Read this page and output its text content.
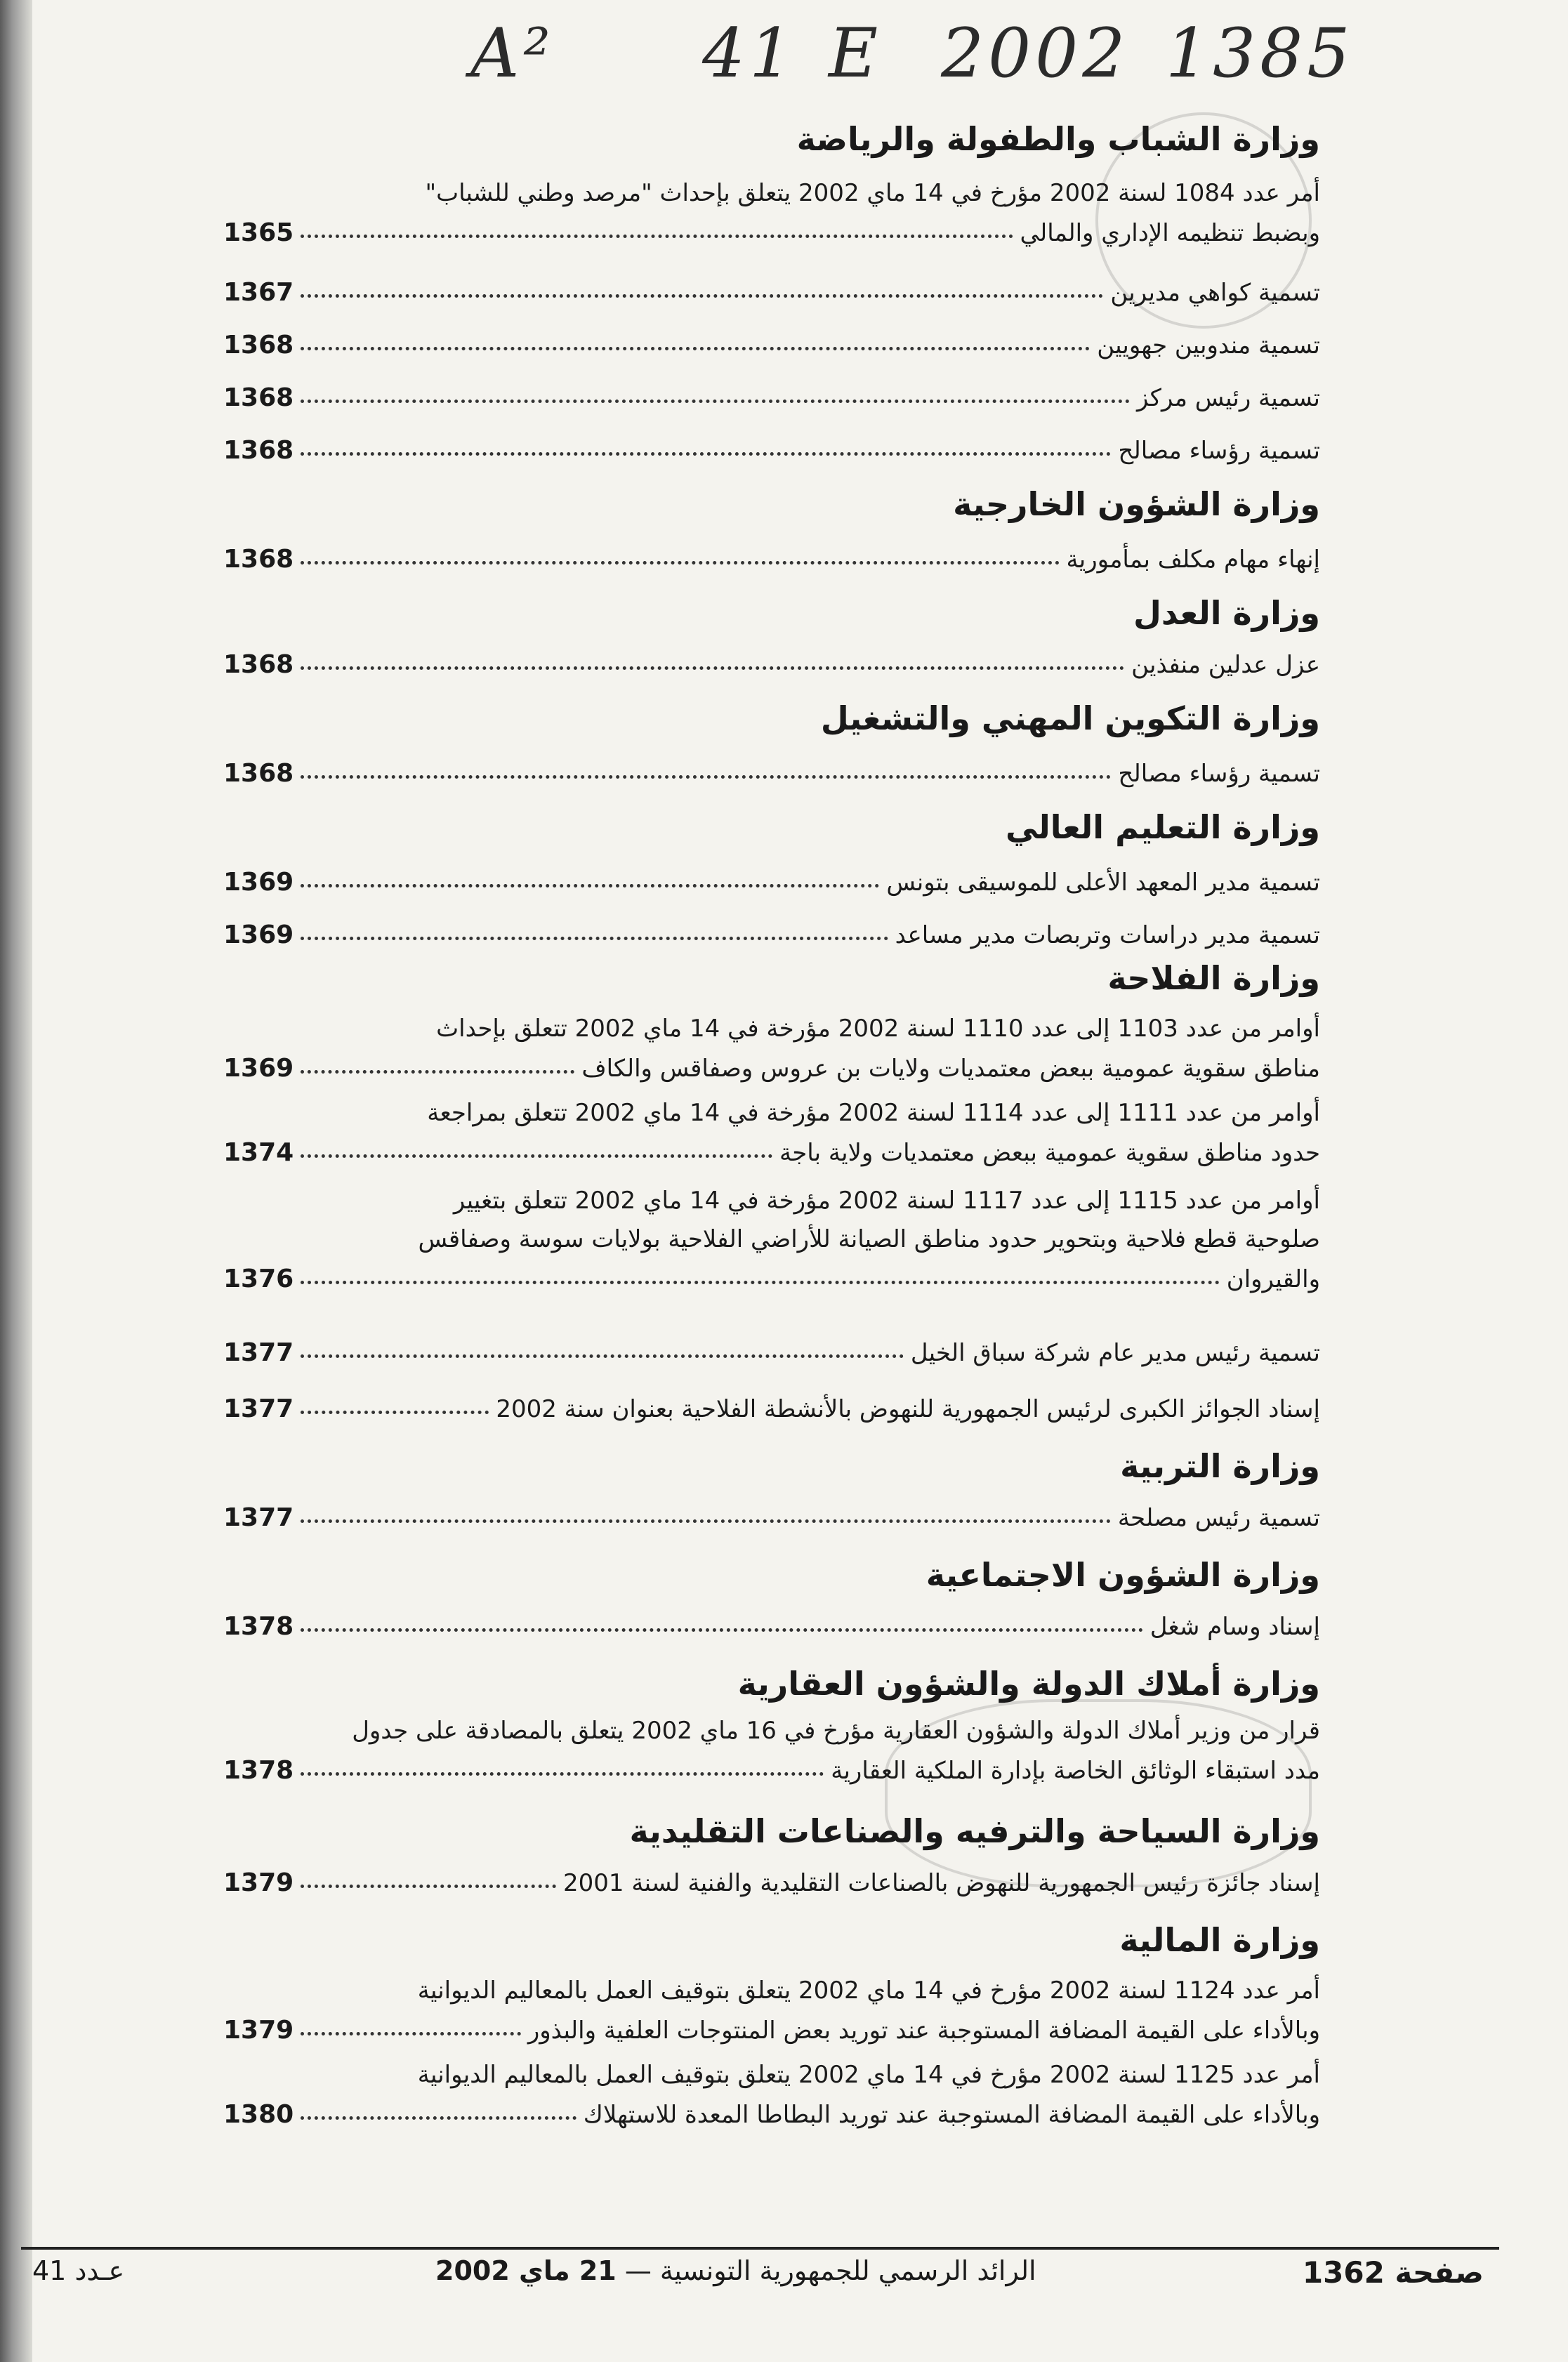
A² 41 E 2002 1385
وزارة الشباب والطفولة والرياضة
أمر عدد 1084 لسنة 2002 مؤرخ في 14 ماي 2002 يتعلق بإحداث "مرصد وطني للشباب"
وبضبط تنظيمه الإداري والمالي
1365
تسمية كواهي مديرين
1367
تسمية مندوبين جهويين
1368
تسمية رئيس مركز
1368
تسمية رؤساء مصالح
1368
وزارة الشؤون الخارجية
إنهاء مهام مكلف بمأمورية
1368
وزارة العدل
عزل عدلين منفذين
1368
وزارة التكوين المهني والتشغيل
تسمية رؤساء مصالح
1368
وزارة التعليم العالي
تسمية مدير المعهد الأعلى للموسيقى بتونس
1369
تسمية مدير دراسات وتربصات مدير مساعد
1369
وزارة الفلاحة
أوامر من عدد 1103 إلى عدد 1110 لسنة 2002 مؤرخة في 14 ماي 2002 تتعلق بإحداث
مناطق سقوية عمومية ببعض معتمديات ولايات بن عروس وصفاقس والكاف
1369
أوامر من عدد 1111 إلى عدد 1114 لسنة 2002 مؤرخة في 14 ماي 2002 تتعلق بمراجعة
حدود مناطق سقوية عمومية ببعض معتمديات ولاية باجة
1374
أوامر من عدد 1115 إلى عدد 1117 لسنة 2002 مؤرخة في 14 ماي 2002 تتعلق بتغيير
صلوحية قطع فلاحية وبتحوير حدود مناطق الصيانة للأراضي الفلاحية بولايات سوسة وصفاقس
والقيروان
1376
تسمية رئيس مدير عام شركة سباق الخيل
1377
إسناد الجوائز الكبرى لرئيس الجمهورية للنهوض بالأنشطة الفلاحية بعنوان سنة 2002
1377
وزارة التربية
تسمية رئيس مصلحة
1377
وزارة الشؤون الاجتماعية
إسناد وسام شغل
1378
وزارة أملاك الدولة والشؤون العقارية
قرار من وزير أملاك الدولة والشؤون العقارية مؤرخ في 16 ماي 2002 يتعلق بالمصادقة على جدول
مدد استبقاء الوثائق الخاصة بإدارة الملكية العقارية
1378
وزارة السياحة والترفيه والصناعات التقليدية
إسناد جائزة رئيس الجمهورية للنهوض بالصناعات التقليدية والفنية لسنة 2001
1379
وزارة المالية
أمر عدد 1124 لسنة 2002 مؤرخ في 14 ماي 2002 يتعلق بتوقيف العمل بالمعاليم الديوانية
وبالأداء على القيمة المضافة المستوجبة عند توريد بعض المنتوجات العلفية والبذور
1379
أمر عدد 1125 لسنة 2002 مؤرخ في 14 ماي 2002 يتعلق بتوقيف العمل بالمعاليم الديوانية
وبالأداء على القيمة المضافة المستوجبة عند توريد البطاطا المعدة للاستهلاك
1380
صفحة 1362
الرائد الرسمي للجمهورية التونسية — 21 ماي 2002
عـدد 41
